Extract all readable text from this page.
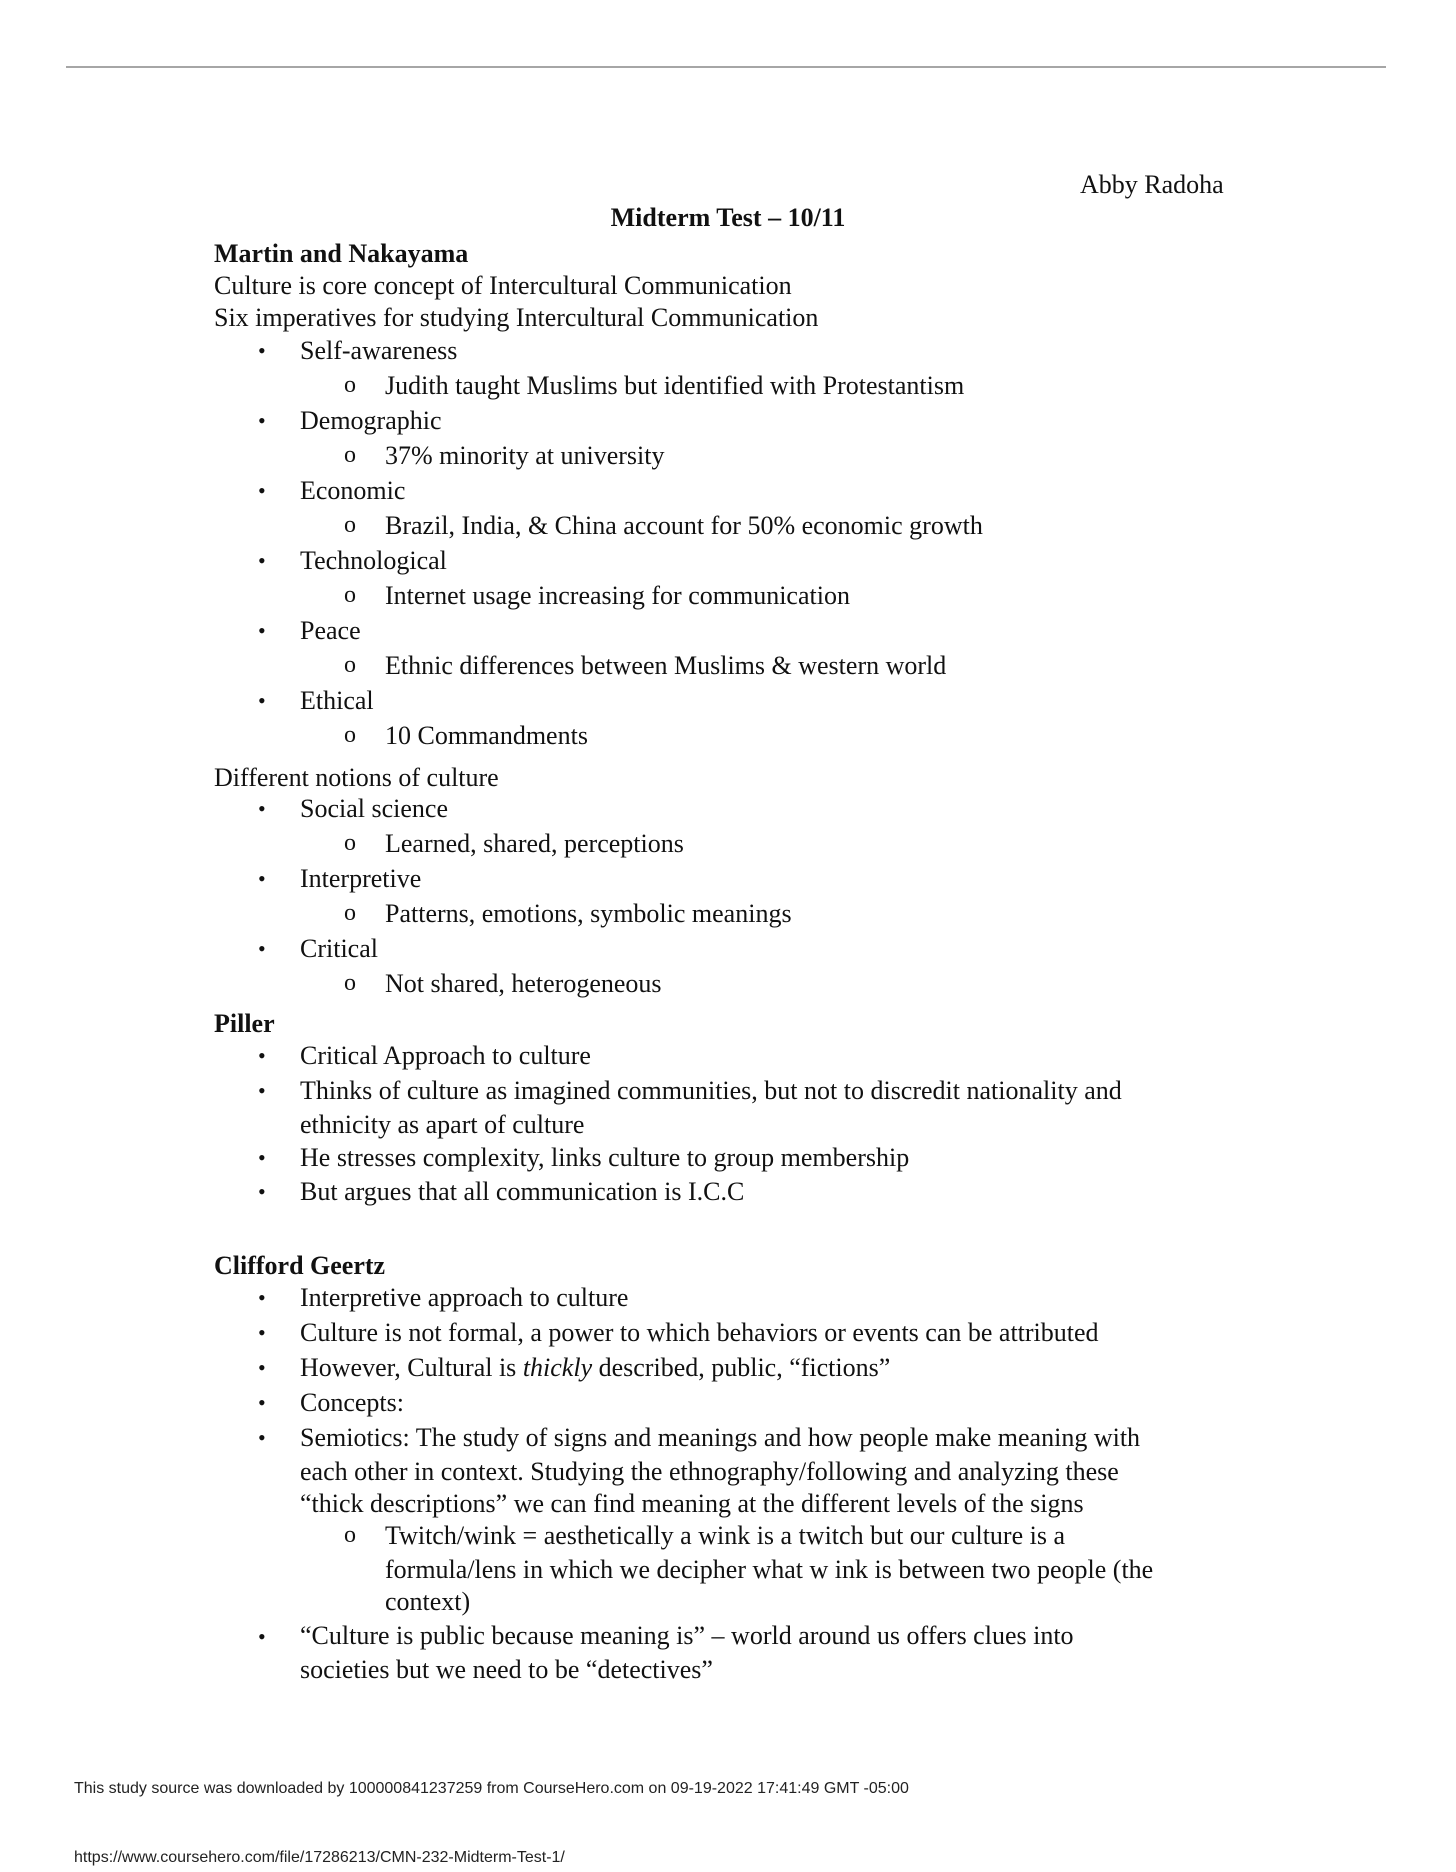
Abby Radoha
Midterm Test – 10/11
Martin and Nakayama
Culture is core concept of Intercultural Communication
Six imperatives for studying Intercultural Communication
• Self-awareness
o Judith taught Muslims but identified with Protestantism
• Demographic
o 37% minority at university
• Economic
o Brazil, India, & China account for 50% economic growth
• Technological
o Internet usage increasing for communication
• Peace
o Ethnic differences between Muslims & western world
• Ethical
o 10 Commandments
Different notions of culture
• Social science
o Learned, shared, perceptions
• Interpretive
o Patterns, emotions, symbolic meanings
• Critical
o Not shared, heterogeneous
Piller
• Critical Approach to culture
• Thinks of culture as imagined communities, but not to discredit nationality and
ethnicity as apart of culture
• He stresses complexity, links culture to group membership
• But argues that all communication is I.C.C
Clifford Geertz
• Interpretive approach to culture
• Culture is not formal, a power to which behaviors or events can be attributed
• However, Cultural is thickly described, public, “fictions”
• Concepts:
• Semiotics: The study of signs and meanings and how people make meaning with
each other in context. Studying the ethnography/following and analyzing these
“thick descriptions” we can find meaning at the different levels of the signs
o Twitch/wink = aesthetically a wink is a twitch but our culture is a
formula/lens in which we decipher what w ink is between two people (the
context)
• “Culture is public because meaning is” – world around us offers clues into
societies but we need to be “detectives”
This study source was downloaded by 100000841237259 from CourseHero.com on 09-19-2022 17:41:49 GMT -05:00
https://www.coursehero.com/file/17286213/CMN-232-Midterm-Test-1/
